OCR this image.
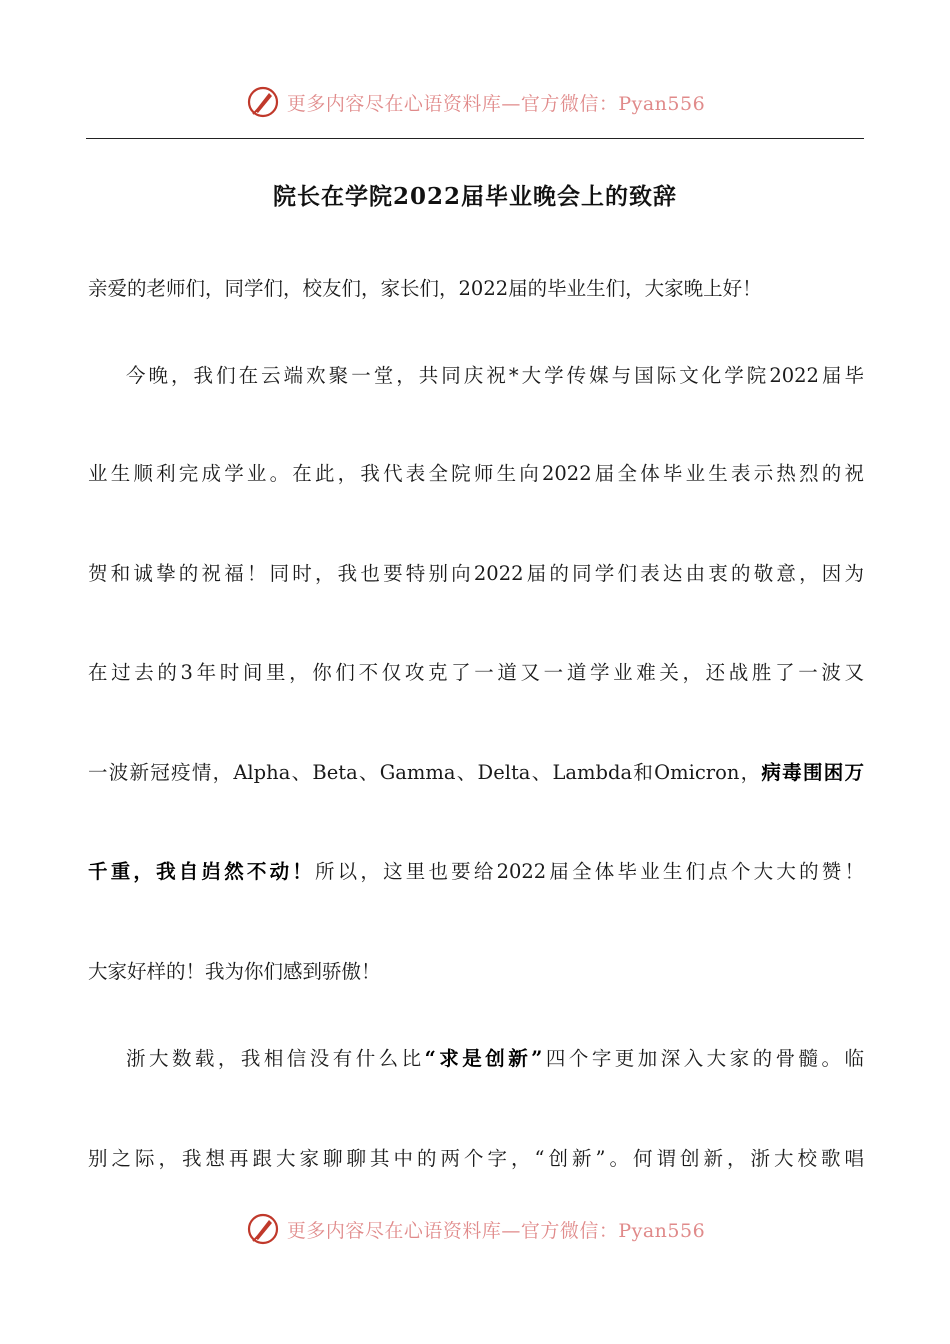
更多内容尽在心语资料库—官方微信：Pyan556
院长在学院2022届毕业晚会上的致辞

亲爱的老师们，同学们，校友们，家长们，2022届的毕业生们，大家晚上好！

今晚，我们在云端欢聚一堂，共同庆祝*大学传媒与国际文化学院2022届毕

业生顺利完成学业。在此，我代表全院师生向2022届全体毕业生表示热烈的祝

贺和诚挚的祝福！同时，我也要特别向2022届的同学们表达由衷的敬意，因为

在过去的3年时间里，你们不仅攻克了一道又一道学业难关，还战胜了一波又

一波新冠疫情，Alpha、Beta、Gamma、Delta、Lambda和Omicron，病毒围困万

千重，我自岿然不动！所以，这里也要给2022届全体毕业生们点个大大的赞！

大家好样的！我为你们感到骄傲！

浙大数载，我相信没有什么比“求是创新”四个字更加深入大家的骨髓。临

别之际，我想再跟大家聊聊其中的两个字，“创新”。何谓创新，浙大校歌唱

更多内容尽在心语资料库—官方微信：Pyan556
